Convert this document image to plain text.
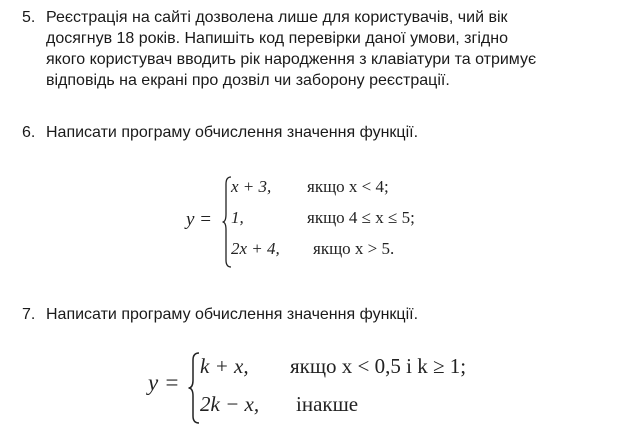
5. Реєстрація на сайті дозволена лише для користувачів, чий вік
досягнув 18 років. Напишіть код перевірки даної умови, згідно
якого користувач вводить рік народження з клавіатури та отримує
відповідь на екрані про дозвіл чи заборону реєстрації.
6. Написати програму обчислення значення функції.
y =
x + 3, якщо x < 4;
1,	якщо 4 ≤ x ≤ 5;
2x + 4, якщо x > 5.
7. Написати програму обчислення значення функції.
y =
k + x, якщо x < 0,5 і k ≥ 1;
2k − x, інакше
